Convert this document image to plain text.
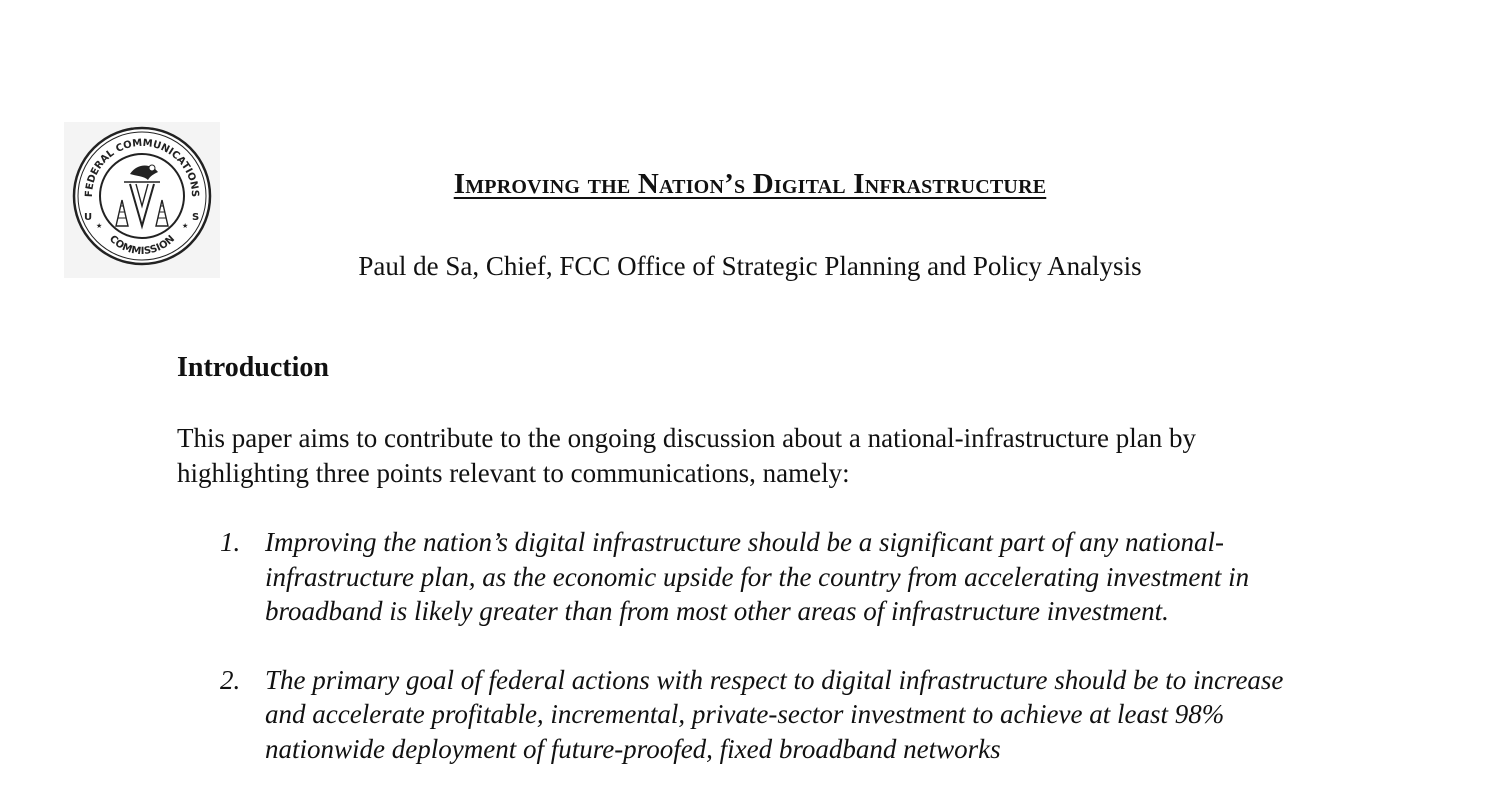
FEDERAL COMMUNICATIONS
COMMISSION
U	S
★	★
Improving the Nation’s Digital Infrastructure

Paul de Sa, Chief, FCC Office of Strategic Planning and Policy Analysis

Introduction

This paper aims to contribute to the ongoing discussion about a national-infrastructure plan by highlighting three points relevant to communications, namely:

1. Improving the nation’s digital infrastructure should be a significant part of any national-infrastructure plan, as the economic upside for the country from accelerating investment in broadband is likely greater than from most other areas of infrastructure investment.
2. The primary goal of federal actions with respect to digital infrastructure should be to increase and accelerate profitable, incremental, private-sector investment to achieve at least 98% nationwide deployment of future-proofed, fixed broadband networks
